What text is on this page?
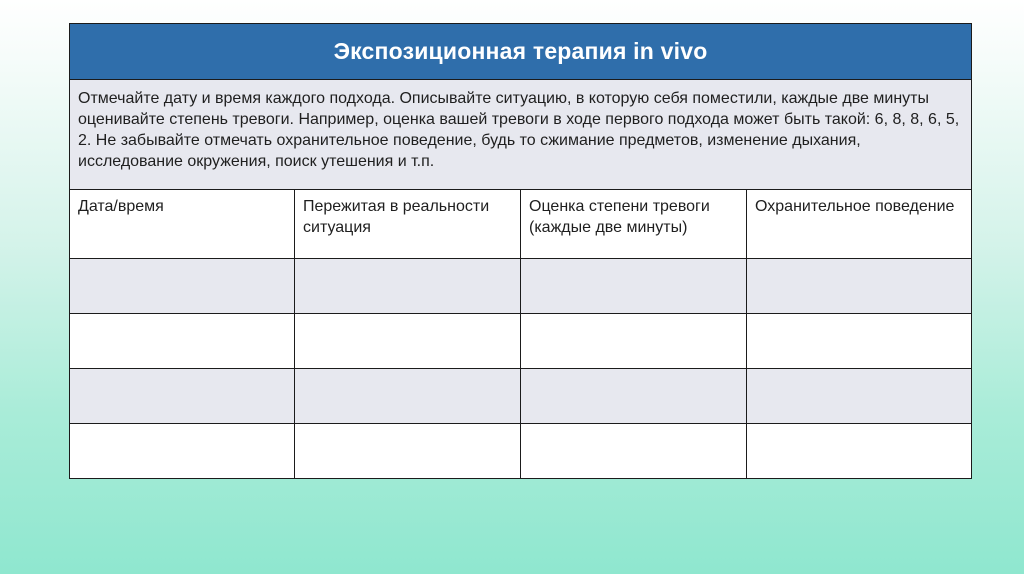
Экспозиционная терапия in vivo			
Отмечайте дату и время каждого подхода. Описывайте ситуацию, в которую себя поместили, каждые две минуты оценивайте степень тревоги. Например, оценка вашей тревоги в ходе первого подхода может быть такой: 6, 8, 8, 6, 5, 2. Не забывайте отмечать охранительное поведение, будь то сжимание предметов, изменение дыхания, исследование окружения, поиск утешения и т.п.			
Дата/время	Пережитая в реальности ситуация	Оценка степени тревоги (каждые две минуты)	Охранительное поведение
